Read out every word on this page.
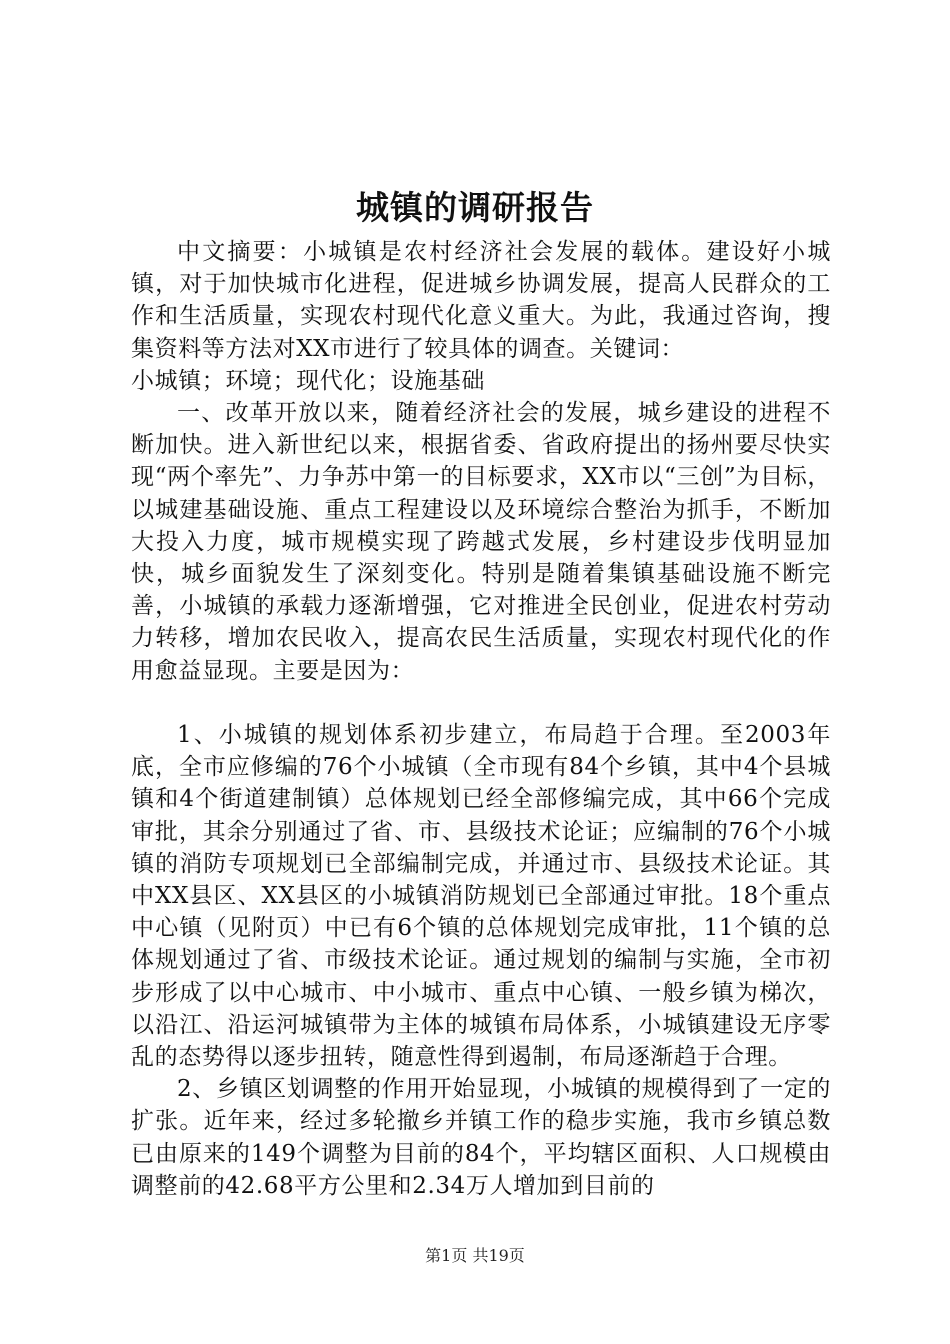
城镇的调研报告

中文摘要：小城镇是农村经济社会发展的载体。建设好小城镇，对于加快城市化进程，促进城乡协调发展，提高人民群众的工作和生活质量，实现农村现代化意义重大。为此，我通过咨询，搜集资料等方法对XX市进行了较具体的调查。关键词：

小城镇；环境；现代化；设施基础

一、改革开放以来，随着经济社会的发展，城乡建设的进程不断加快。进入新世纪以来，根据省委、省政府提出的扬州要尽快实现“两个率先”、力争苏中第一的目标要求，XX市以“三创”为目标，以城建基础设施、重点工程建设以及环境综合整治为抓手，不断加大投入力度，城市规模实现了跨越式发展，乡村建设步伐明显加快，城乡面貌发生了深刻变化。特别是随着集镇基础设施不断完善，小城镇的承载力逐渐增强，它对推进全民创业，促进农村劳动力转移，增加农民收入，提高农民生活质量，实现农村现代化的作用愈益显现。主要是因为：

1、小城镇的规划体系初步建立，布局趋于合理。至2003年底，全市应修编的76个小城镇（全市现有84个乡镇，其中4个县城镇和4个街道建制镇）总体规划已经全部修编完成，其中66个完成审批，其余分别通过了省、市、县级技术论证；应编制的76个小城镇的消防专项规划已全部编制完成，并通过市、县级技术论证。其中XX县区、XX县区的小城镇消防规划已全部通过审批。18个重点中心镇（见附页）中已有6个镇的总体规划完成审批，11个镇的总体规划通过了省、市级技术论证。通过规划的编制与实施，全市初步形成了以中心城市、中小城市、重点中心镇、一般乡镇为梯次，以沿江、沿运河城镇带为主体的城镇布局体系，小城镇建设无序零乱的态势得以逐步扭转，随意性得到遏制，布局逐渐趋于合理。

2、乡镇区划调整的作用开始显现，小城镇的规模得到了一定的扩张。近年来，经过多轮撤乡并镇工作的稳步实施，我市乡镇总数已由原来的149个调整为目前的84个，平均辖区面积、人口规模由调整前的42.68平方公里和2.34万人增加到目前的

第1页 共19页
